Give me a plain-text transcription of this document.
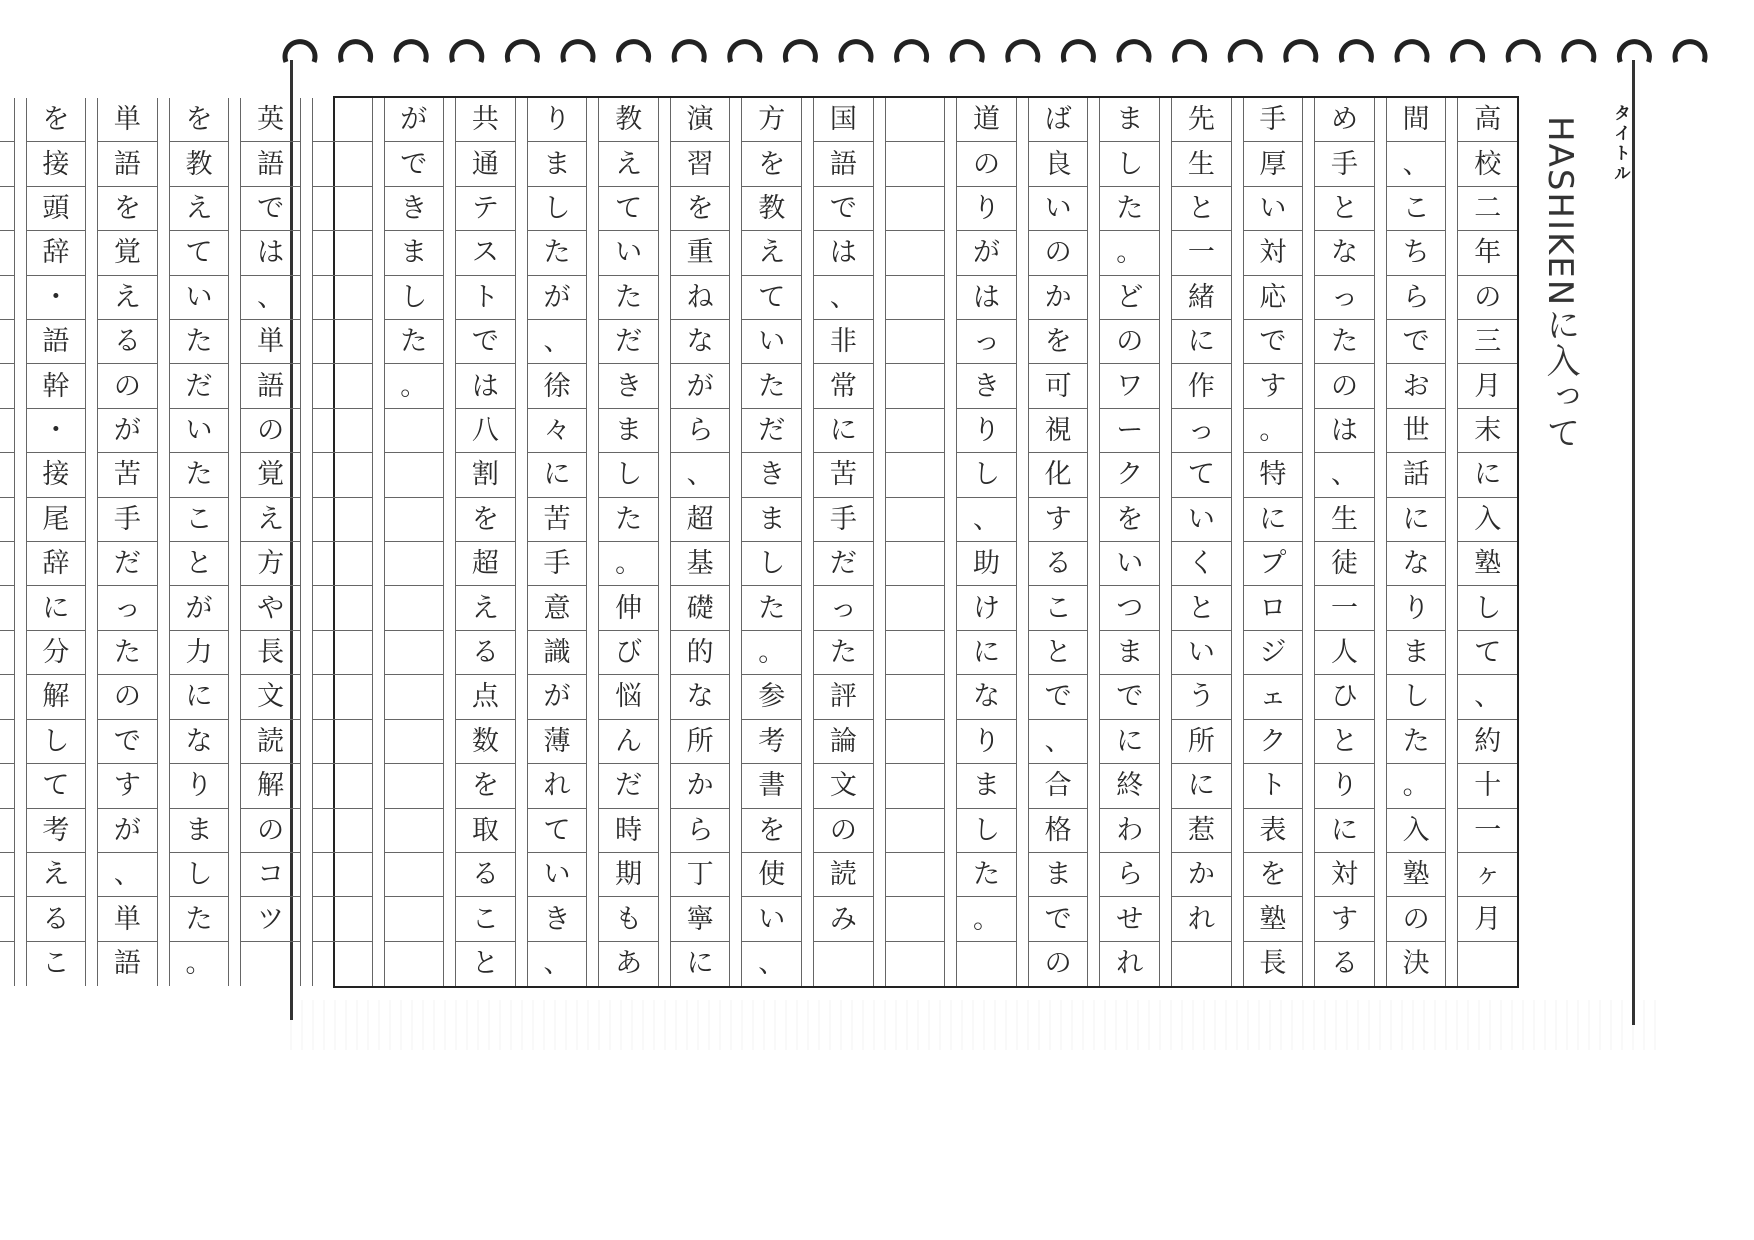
タイトル
HASHIKENに入って
高
校
二
年
の
三
月
末
に
入
塾
し
て
、
約
十
一
ヶ
月
間
、
こ
ち
ら
で
お
世
話
に
な
り
ま
し
た
。
入
塾
の
決
め
手
と
な
っ
た
の
は
、
生
徒
一
人
ひ
と
り
に
対
す
る
手
厚
い
対
応
で
す
。
特
に
プ
ロ
ジ
ェ
ク
ト
表
を
塾
長
先
生
と
一
緒
に
作
っ
て
い
く
と
い
う
所
に
惹
か
れ
ま
し
た
。
ど
の
ワ
ー
ク
を
い
つ
ま
で
に
終
わ
ら
せ
れ
ば
良
い
の
か
を
可
視
化
す
る
こ
と
で
、
合
格
ま
で
の
道
の
り
が
は
っ
き
り
し
、
助
け
に
な
り
ま
し
た
。
国
語
で
は
、
非
常
に
苦
手
だ
っ
た
評
論
文
の
読
み
方
を
教
え
て
い
た
だ
き
ま
し
た
。
参
考
書
を
使
い
、
演
習
を
重
ね
な
が
ら
、
超
基
礎
的
な
所
か
ら
丁
寧
に
教
え
て
い
た
だ
き
ま
し
た
。
伸
び
悩
ん
だ
時
期
も
あ
り
ま
し
た
が
、
徐
々
に
苦
手
意
識
が
薄
れ
て
い
き
、
共
通
テ
ス
ト
で
は
八
割
を
超
え
る
点
数
を
取
る
こ
と
が
で
き
ま
し
た
。
英
語
で
は
、
単
語
の
覚
え
方
や
長
文
読
解
の
コ
ツ
を
教
え
て
い
た
だ
い
た
こ
と
が
力
に
な
り
ま
し
た
。
単
語
を
覚
え
る
の
が
苦
手
だ
っ
た
の
で
す
が
、
単
語
を
接
頭
辞
・
語
幹
・
接
尾
辞
に
分
解
し
て
考
え
る
こ
